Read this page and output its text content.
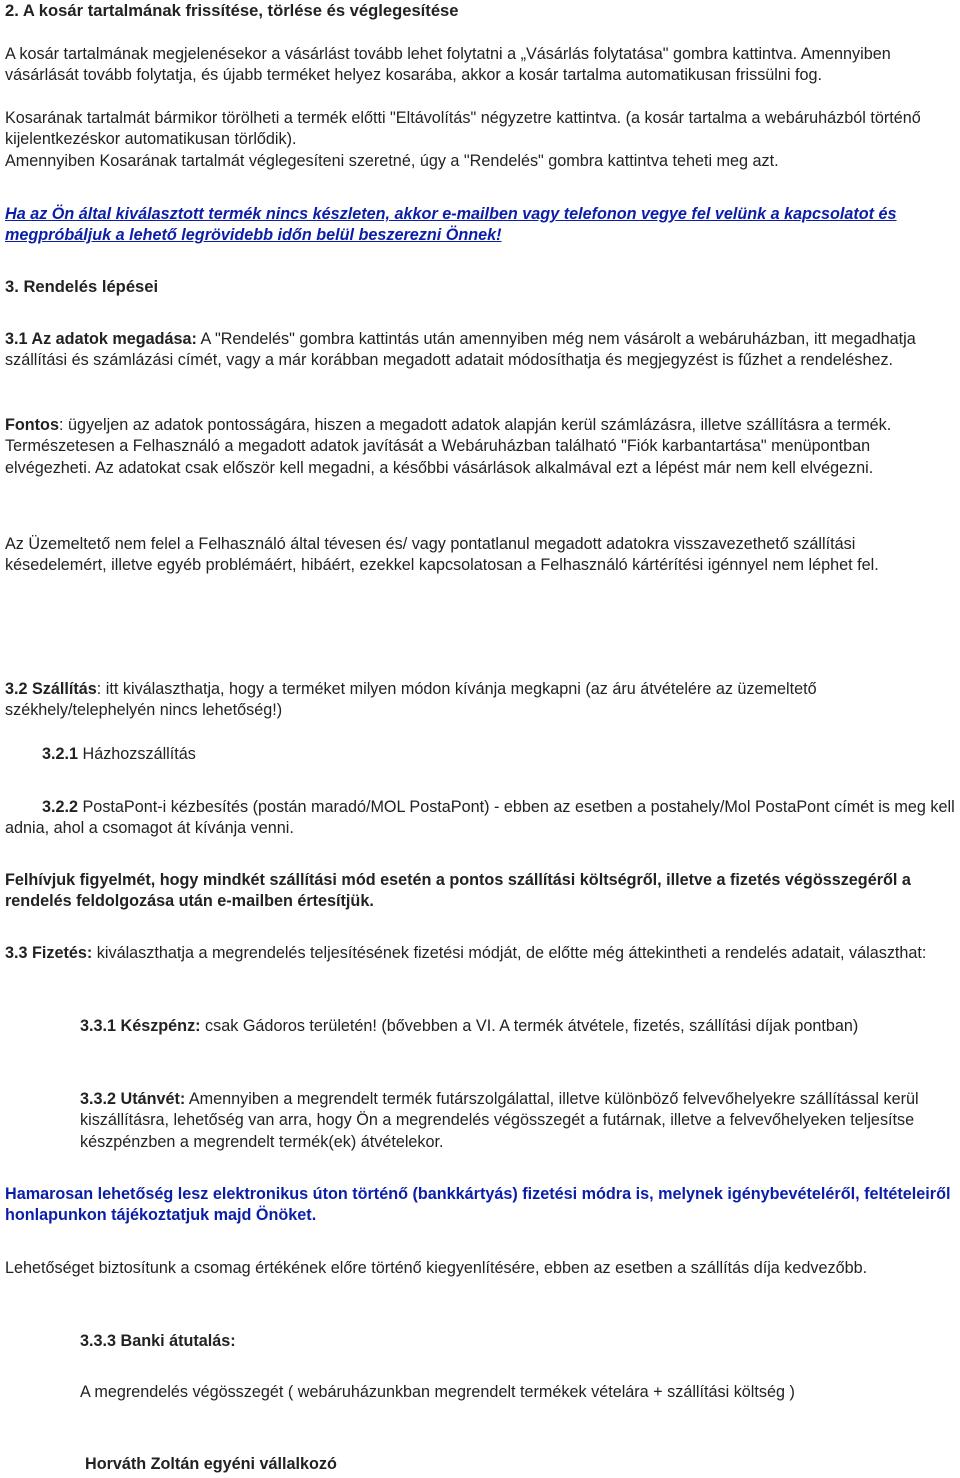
2. A kosár tartalmának frissítése, törlése és véglegesítése

A kosár tartalmának megjelenésekor a vásárlást tovább lehet folytatni a „Vásárlás folytatása" gombra kattintva. Amennyiben vásárlását tovább folytatja, és újabb terméket helyez kosarába, akkor a kosár tartalma automatikusan frissülni fog.

Kosarának tartalmát bármikor törölheti a termék előtti "Eltávolítás" négyzetre kattintva. (a kosár tartalma a webáruházból történő kijelentkezéskor automatikusan törlődik).

Amennyiben Kosarának tartalmát véglegesíteni szeretné, úgy a "Rendelés" gombra kattintva teheti meg azt.

Ha az Ön által kiválasztott termék nincs készleten, akkor e-mailben vagy telefonon vegye fel velünk a kapcsolatot és megpróbáljuk a lehető legrövidebb időn belül beszerezni Önnek!

3. Rendelés lépései

3.1 Az adatok megadása: A "Rendelés" gombra kattintás után amennyiben még nem vásárolt a webáruházban, itt megadhatja szállítási és számlázási címét, vagy a már korábban megadott adatait módosíthatja és megjegyzést is fűzhet a rendeléshez.

Fontos: ügyeljen az adatok pontosságára, hiszen a megadott adatok alapján kerül számlázásra, illetve szállításra a termék. Természetesen a Felhasználó a megadott adatok javítását a Webáruházban található "Fiók karbantartása" menüpontban elvégezheti. Az adatokat csak először kell megadni, a későbbi vásárlások alkalmával ezt a lépést már nem kell elvégezni.

Az Üzemeltető nem felel a Felhasználó által tévesen és/ vagy pontatlanul megadott adatokra visszavezethető szállítási késedelemért, illetve egyéb problémáért, hibáért, ezekkel kapcsolatosan a Felhasználó kártérítési igénnyel nem léphet fel.

3.2 Szállítás: itt kiválaszthatja, hogy a terméket milyen módon kívánja megkapni (az áru átvételére az üzemeltető székhely/telephelyén nincs lehetőség!)

3.2.1 Házhozszállítás

3.2.2 PostaPont-i kézbesítés (postán maradó/MOL PostaPont) - ebben az esetben a postahely/Mol PostaPont címét is meg kell adnia, ahol a csomagot át kívánja venni.

Felhívjuk figyelmét, hogy mindkét szállítási mód esetén a pontos szállítási költségről, illetve a fizetés végösszegéről a rendelés feldolgozása után e-mailben értesítjük.

3.3 Fizetés: kiválaszthatja a megrendelés teljesítésének fizetési módját, de előtte még áttekintheti a rendelés adatait, választhat:

3.3.1 Készpénz: csak Gádoros területén! (bővebben a VI. A termék átvétele, fizetés, szállítási díjak pontban)

3.3.2 Utánvét: Amennyiben a megrendelt termék futárszolgálattal, illetve különböző felvevőhelyekre szállítással kerül kiszállításra, lehetőség van arra, hogy Ön a megrendelés végösszegét a futárnak, illetve a felvevőhelyeken teljesítse készpénzben a megrendelt termék(ek) átvételekor.

Hamarosan lehetőség lesz elektronikus úton történő (bankkártyás) fizetési módra is, melynek igénybevételéről, feltételeiről honlapunkon tájékoztatjuk majd Önöket.

Lehetőséget biztosítunk a csomag értékének előre történő kiegyenlítésére, ebben az esetben a szállítás díja kedvezőbb.

3.3.3 Banki átutalás:

A megrendelés végösszegét ( webáruházunkban megrendelt termékek vételára + szállítási költség )

Horváth Zoltán egyéni vállalkozó
